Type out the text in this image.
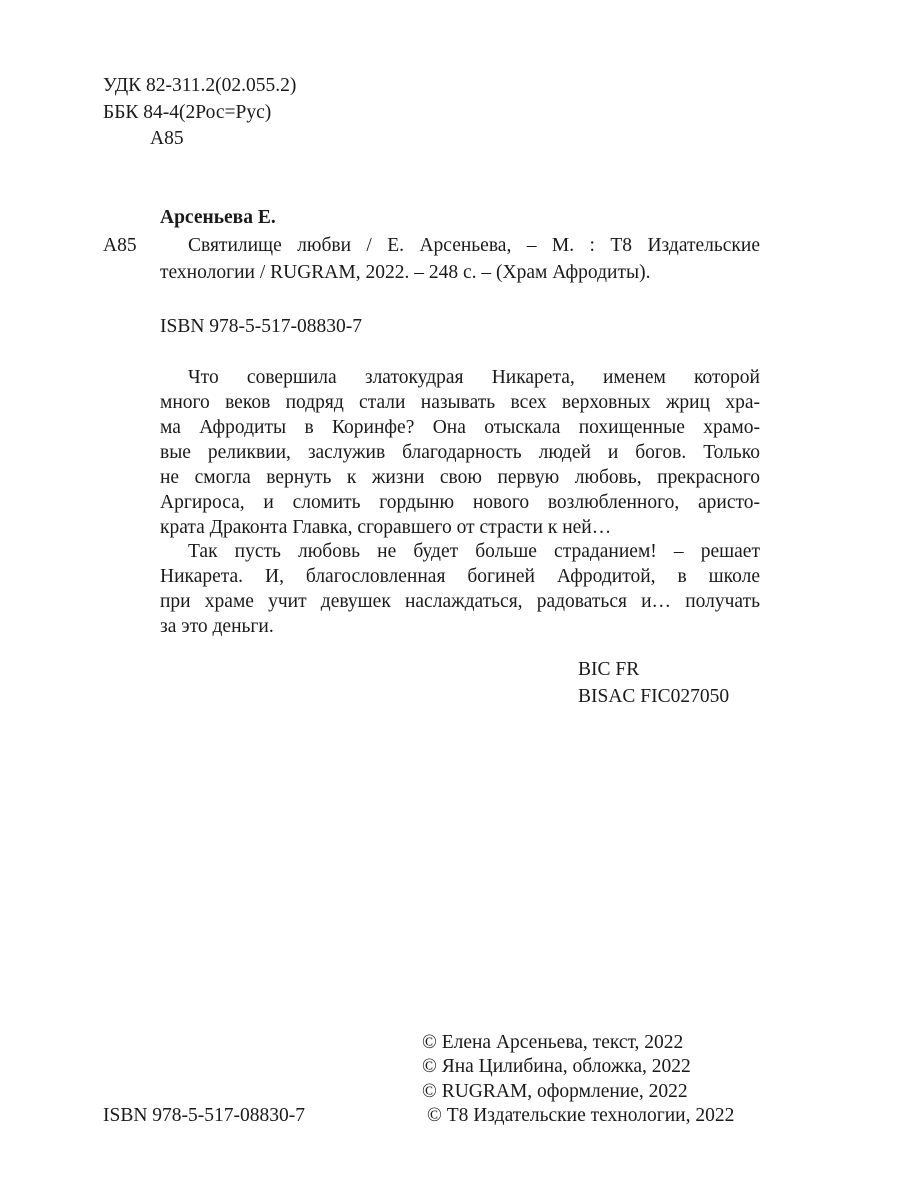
УДК 82-311.2(02.055.2)
ББК 84-4(2Рос=Рус)
А85
Арсеньева Е.
А85	Святилище любви / Е. Арсеньева, – М. : Т8 Издательские
технологии / RUGRAM, 2022. – 248 с. – (Храм Афродиты).
ISBN 978-5-517-08830-7
Что совершила златокудрая Никарета, именем которой
много веков подряд стали называть всех верховных жриц хра-
ма Афродиты в Коринфе? Она отыскала похищенные храмо-
вые реликвии, заслужив благодарность людей и богов. Только
не смогла вернуть к жизни свою первую любовь, прекрасного
Аргироса, и сломить гордыню нового возлюбленного, аристо-
крата Драконта Главка, сгоравшего от страсти к ней…
Так пусть любовь не будет больше страданием! – решает
Никарета. И, благословленная богиней Афродитой, в школе
при храме учит девушек наслаждаться, радоваться и… получать
за это деньги.
BIC FR
BISAC FIC027050
© Елена Арсеньева, текст, 2022
© Яна Цилибина, обложка, 2022
© RUGRAM, оформление, 2022
ISBN 978-5-517-08830-7	© Т8 Издательские технологии, 2022
